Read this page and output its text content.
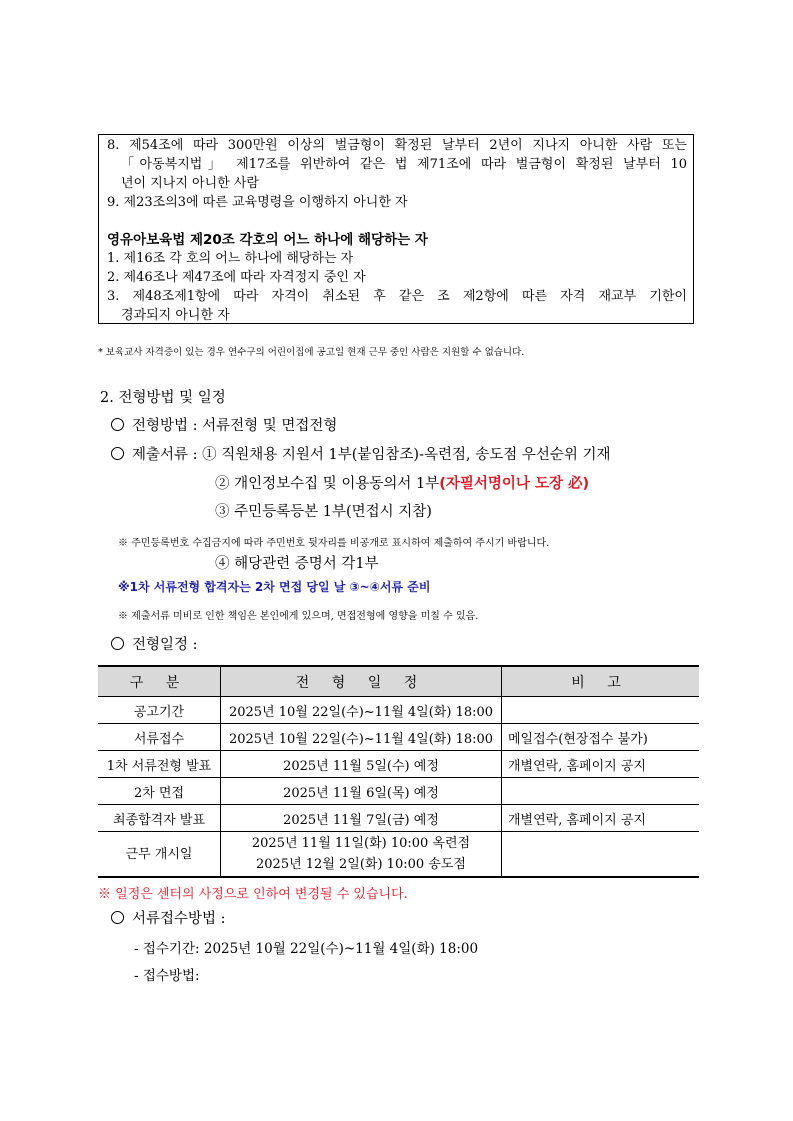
8. 제54조에 따라 300만원 이상의 벌금형이 확정된 날부터 2년이 지나지 아니한 사람 또는
「아동복지법」 제17조를 위반하여 같은 법 제71조에 따라 벌금형이 확정된 날부터 10
년이 지나지 아니한 사람
9. 제23조의3에 따른 교육명령을 이행하지 아니한 자
영유아보육법 제20조 각호의 어느 하나에 해당하는 자
1. 제16조 각 호의 어느 하나에 해당하는 자
2. 제46조나 제47조에 따라 자격정지 중인 자
3. 제48조제1항에 따라 자격이 취소된 후 같은 조 제2항에 따른 자격 재교부 기한이
경과되지 아니한 자
* 보육교사 자격증이 있는 경우 연수구의 어린이집에 공고일 현재 근무 중인 사람은 지원할 수 없습니다.
2. 전형방법 및 일정
전형방법 : 서류전형 및 면접전형
제출서류 : ① 직원채용 지원서 1부(붙임참조)-옥련점, 송도점 우선순위 기재
② 개인정보수집 및 이용동의서 1부(자필서명이나 도장 必)
③ 주민등록등본 1부(면접시 지참)
※ 주민등록번호 수집금지에 따라 주민번호 뒷자리를 비공개로 표시하여 제출하여 주시기 바랍니다.
④ 해당관련 증명서 각1부
※1차 서류전형 합격자는 2차 면접 당일 날 ③~④서류 준비
※ 제출서류 미비로 인한 책임은 본인에게 있으며, 면접전형에 영향을 미칠 수 있음.
전형일정 :
구 분	전 형 일 정	비 고
공고기간	2025년 10월 22일(수)~11월 4일(화) 18:00	
서류접수	2025년 10월 22일(수)~11월 4일(화) 18:00	메일접수(현장접수 불가)
1차 서류전형 발표	2025년 11월 5일(수) 예정	개별연락, 홈페이지 공지
2차 면접	2025년 11월 6일(목) 예정	
최종합격자 발표	2025년 11월 7일(금) 예정	개별연락, 홈페이지 공지
근무 개시일	2025년 11월 11일(화) 10:00 옥련점
2025년 12월 2일(화) 10:00 송도점	

※ 일정은 센터의 사정으로 인하여 변경될 수 있습니다.
서류접수방법 :
- 접수기간: 2025년 10월 22일(수)~11월 4일(화) 18:00
- 접수방법:
